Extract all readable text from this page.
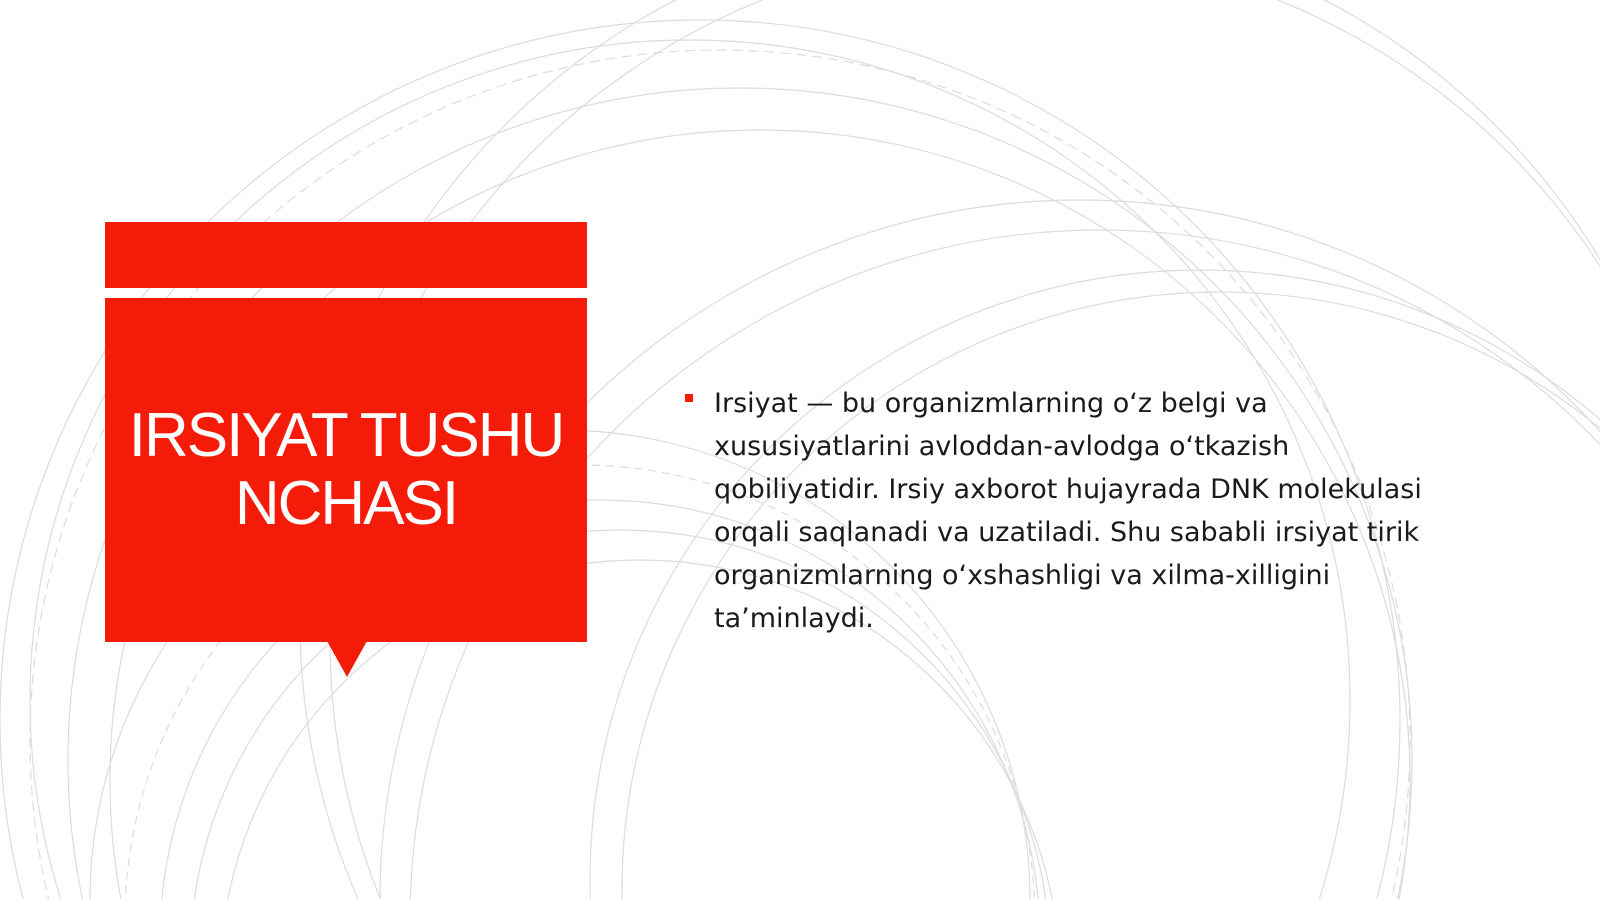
IRSIYAT TUSHUNCHASI

Irsiyat — bu organizmlarning o‘z belgi va xususiyatlarini avloddan-avlodga o‘tkazish qobiliyatidir. Irsiy axborot hujayrada DNK molekulasi orqali saqlanadi va uzatiladi. Shu sababli irsiyat tirik organizmlarning o‘xshashligi va xilma-xilligini ta’minlaydi.
